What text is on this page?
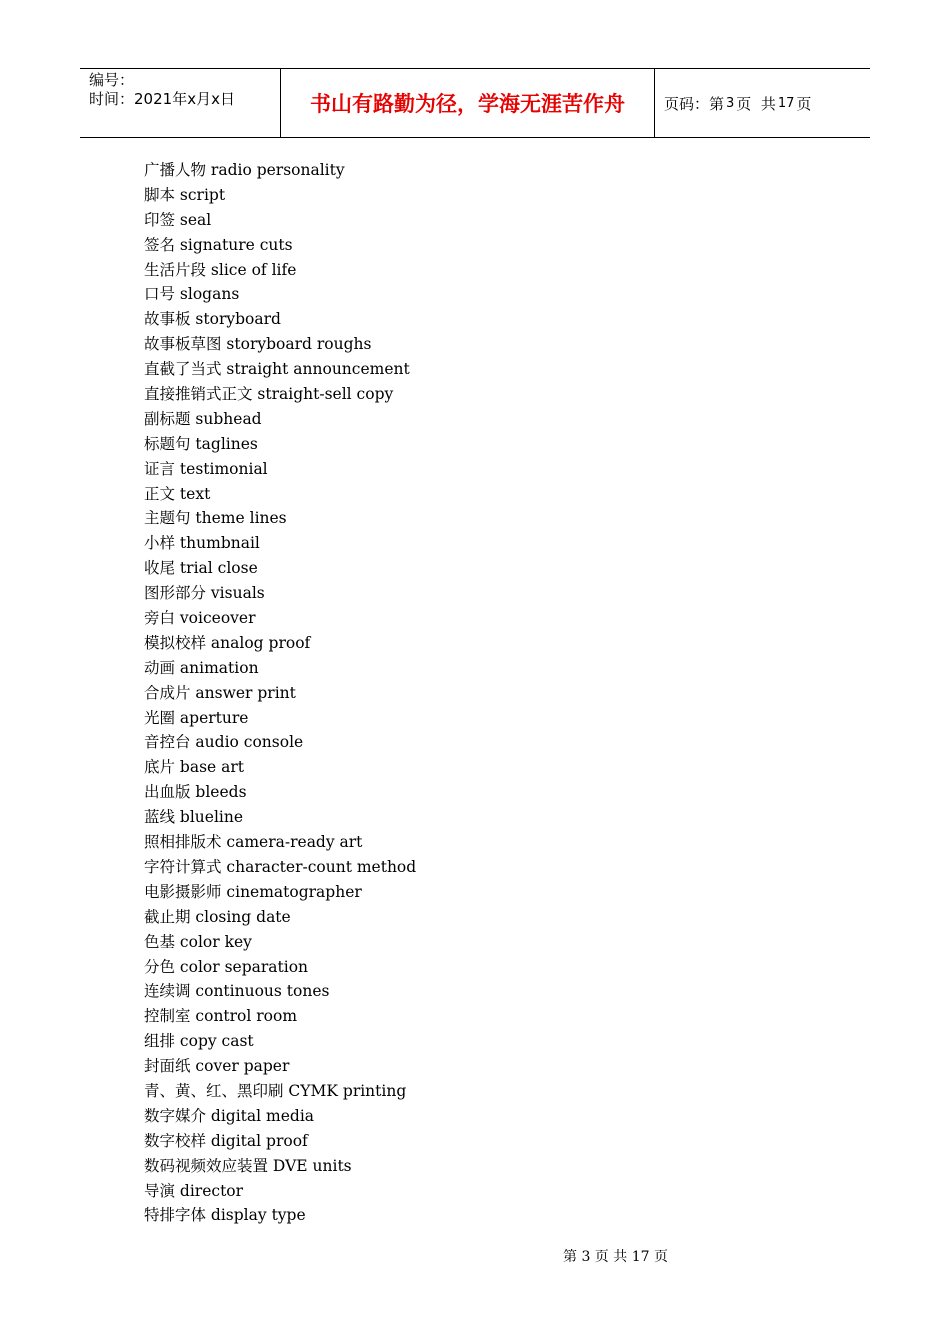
编号：
时间：2021年x月x日	书山有路勤为径，学海无涯苦作舟	页码：第 3 页
共 17 页
广播人物 radio personality
脚本 script
印签 seal
签名 signature cuts
生活片段 slice of life
口号 slogans
故事板 storyboard
故事板草图 storyboard roughs
直截了当式 straight announcement
直接推销式正文 straight-sell copy
副标题 subhead
标题句 taglines
证言 testimonial
正文 text
主题句 theme lines
小样 thumbnail
收尾 trial close
图形部分 visuals
旁白 voiceover
模拟校样 analog proof
动画 animation
合成片 answer print
光圈 aperture
音控台 audio console
底片 base art
出血版 bleeds
蓝线 blueline
照相排版术 camera-ready art
字符计算式 character-count method
电影摄影师 cinematographer
截止期 closing date
色基 color key
分色 color separation
连续调 continuous tones
控制室 control room
组排 copy cast
封面纸 cover paper
青、黄、红、黑印刷 CYMK printing
数字媒介 digital media
数字校样 digital proof
数码视频效应装置 DVE units
导演 director
特排字体 display type
第 3 页 共 17 页
